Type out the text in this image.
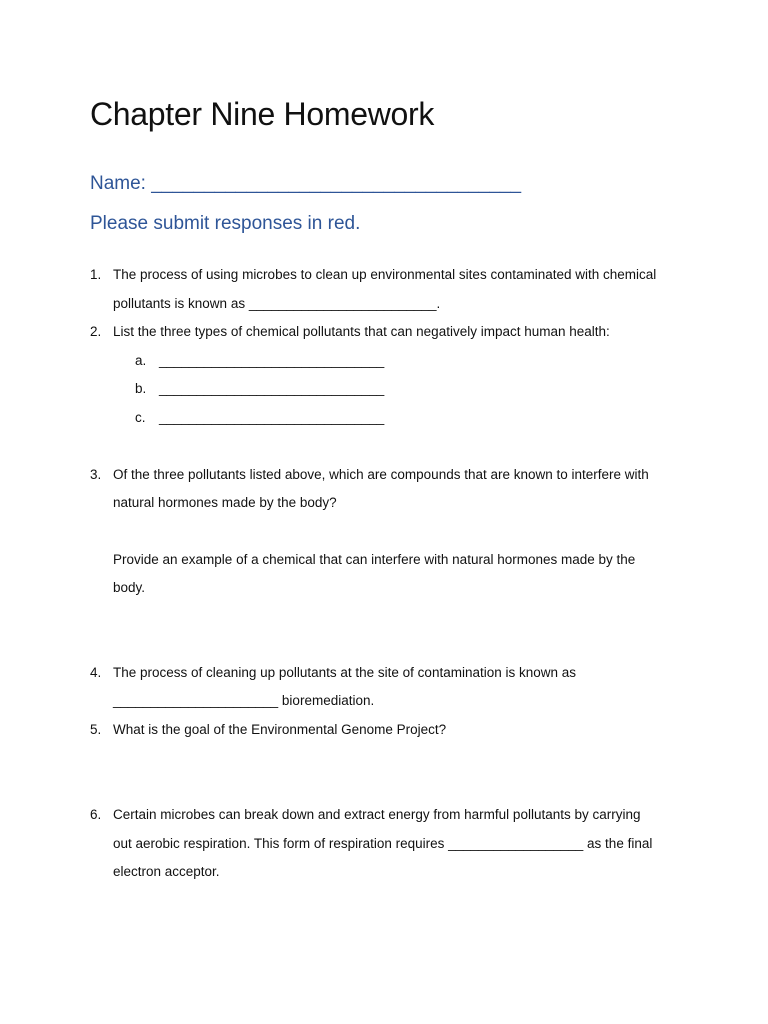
Chapter Nine Homework
Name: ___________________________________
Please submit responses in red.
1. The process of using microbes to clean up environmental sites contaminated with chemical
pollutants is known as _________________________.
2. List the three types of chemical pollutants that can negatively impact human health:
a. ______________________________
b. ______________________________
c. ______________________________
3. Of the three pollutants listed above, which are compounds that are known to interfere with
natural hormones made by the body?
Provide an example of a chemical that can interfere with natural hormones made by the
body.
4. The process of cleaning up pollutants at the site of contamination is known as
______________________ bioremediation.
5. What is the goal of the Environmental Genome Project?
6. Certain microbes can break down and extract energy from harmful pollutants by carrying
out aerobic respiration. This form of respiration requires __________________ as the final
electron acceptor.
